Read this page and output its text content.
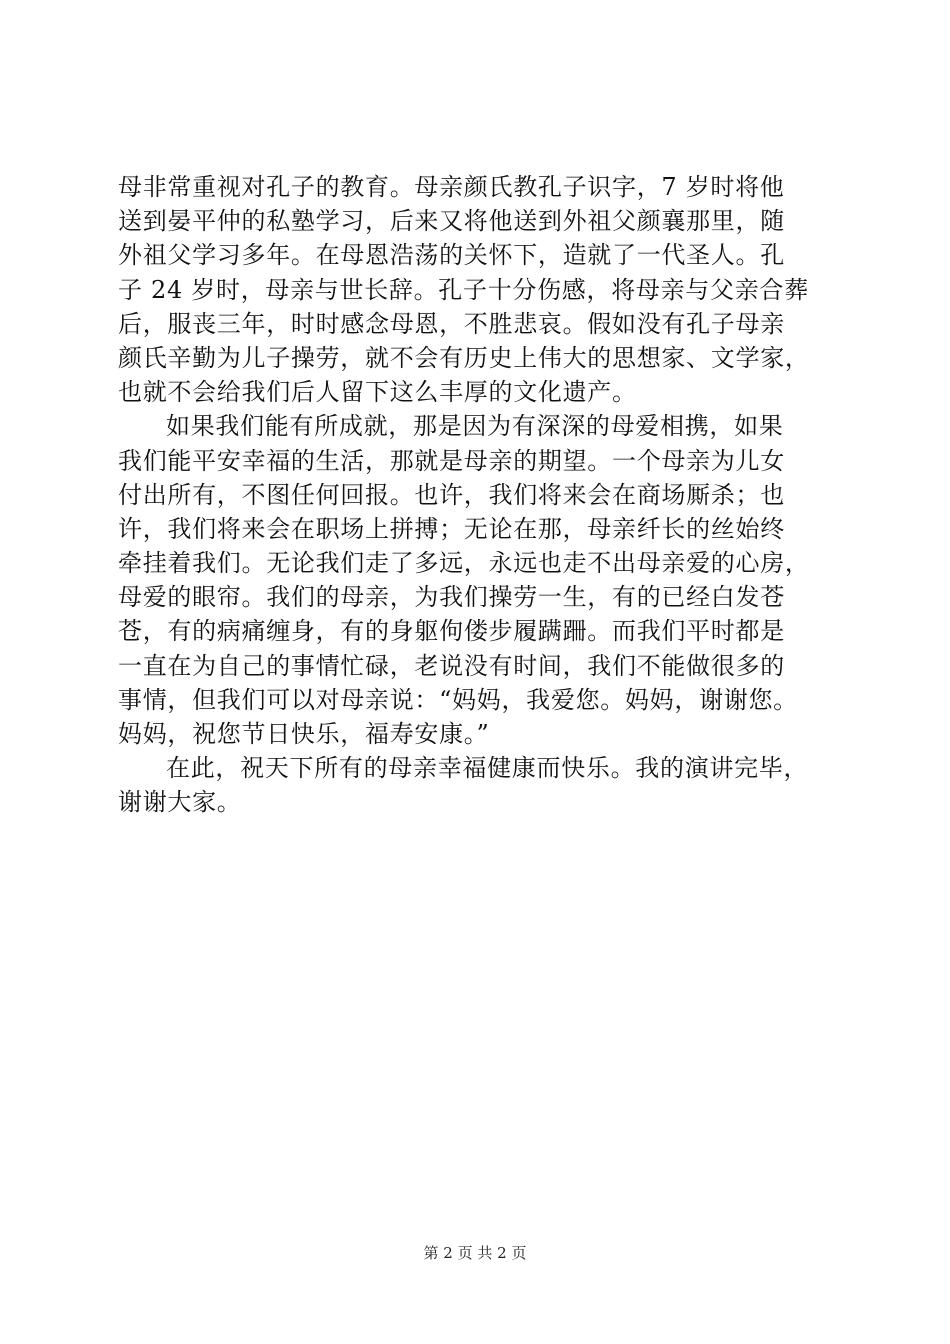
母非常重视对孔子的教育。母亲颜氏教孔子识字，7 岁时将他
送到晏平仲的私塾学习，后来又将他送到外祖父颜襄那里，随
外祖父学习多年。在母恩浩荡的关怀下，造就了一代圣人。孔
子 24 岁时，母亲与世长辞。孔子十分伤感，将母亲与父亲合葬
后，服丧三年，时时感念母恩，不胜悲哀。假如没有孔子母亲
颜氏辛勤为儿子操劳，就不会有历史上伟大的思想家、文学家，
也就不会给我们后人留下这么丰厚的文化遗产。
如果我们能有所成就，那是因为有深深的母爱相携，如果
我们能平安幸福的生活，那就是母亲的期望。一个母亲为儿女
付出所有，不图任何回报。也许，我们将来会在商场厮杀；也
许，我们将来会在职场上拼搏；无论在那，母亲纤长的丝始终
牵挂着我们。无论我们走了多远，永远也走不出母亲爱的心房，
母爱的眼帘。我们的母亲，为我们操劳一生，有的已经白发苍
苍，有的病痛缠身，有的身躯佝偻步履蹒跚。而我们平时都是
一直在为自己的事情忙碌，老说没有时间，我们不能做很多的
事情，但我们可以对母亲说：“妈妈，我爱您。妈妈，谢谢您。
妈妈，祝您节日快乐，福寿安康。”
在此，祝天下所有的母亲幸福健康而快乐。我的演讲完毕，
谢谢大家。
第 2 页 共 2 页
